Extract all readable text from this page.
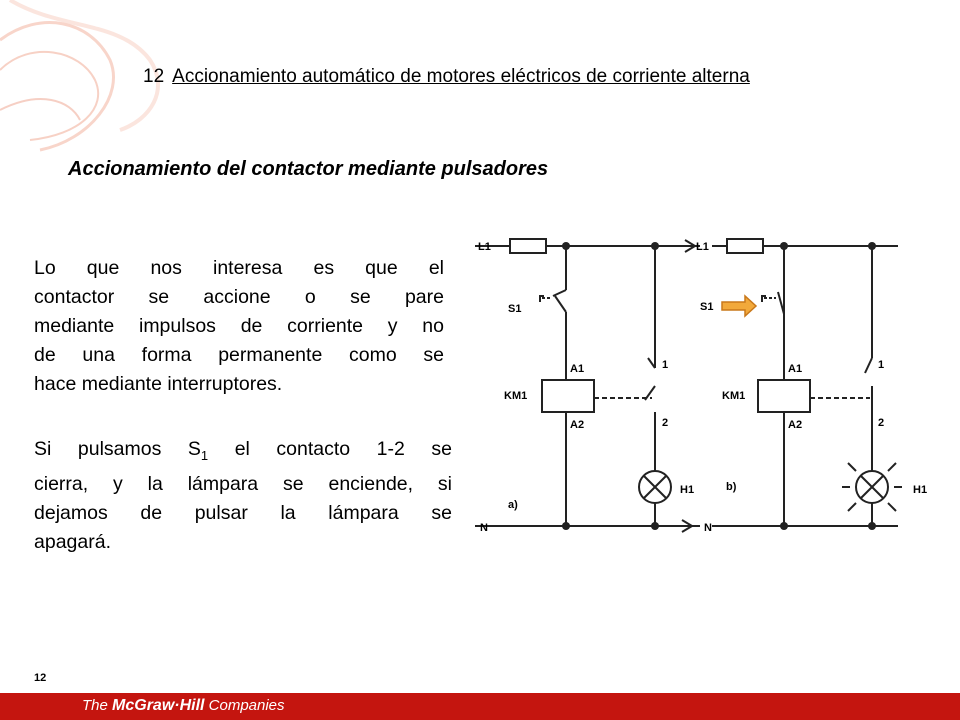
12 Accionamiento automático de motores eléctricos de corriente alterna
Accionamiento del contactor mediante pulsadores
Lo que nos interesa es que el
contactor se accione o se pare
mediante impulsos de corriente y no
de una forma permanente como se
hace mediante interruptores.
Si pulsamos $S_1$ el contacto 1-2 se
cierra, y la lámpara se enciende, si
dejamos de pulsar la lámpara se
apagará.
L1
S1
A1
KM1
A2
1
2
H1
a)
N
L1
S1
A1
KM1
A2
1
2
H1
b)
N
12
The McGraw·Hill Companies
